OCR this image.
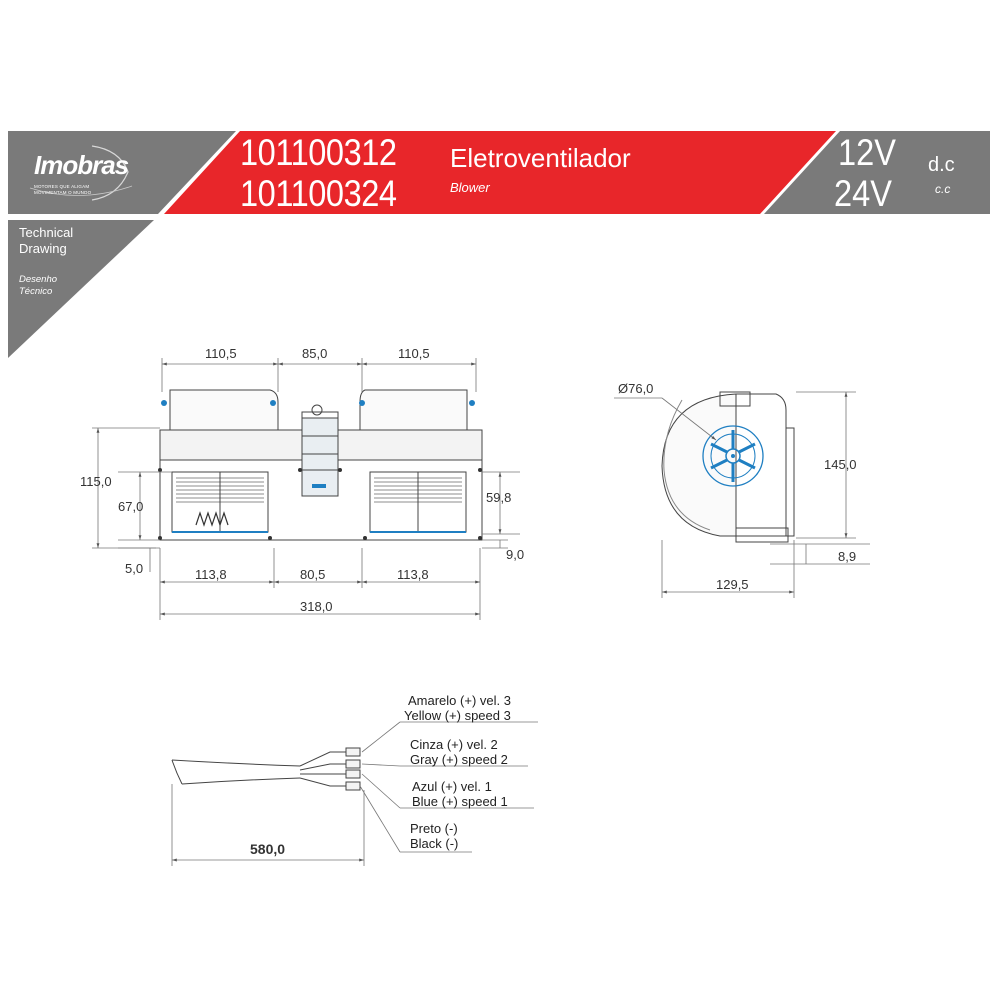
Imobras
MOTORES QUE ALIGAM
MOVIMENTAM O MUNDO
101100312
101100324
Eletroventilador
Blower
12V
24V
d.c
c.c
Technical
Drawing
Desenho
Técnico
110,5	85,0	110,5
115,0
67,0
59,8
9,0
5,0	113,8	80,5	113,8
318,0
Ø76,0
145,0
8,9
129,5
Amarelo (+) vel. 3
Yellow (+) speed 3
Cinza (+) vel. 2
Gray (+) speed 2
Azul (+) vel. 1
Blue (+) speed 1
Preto (-)
Black (-)
580,0
